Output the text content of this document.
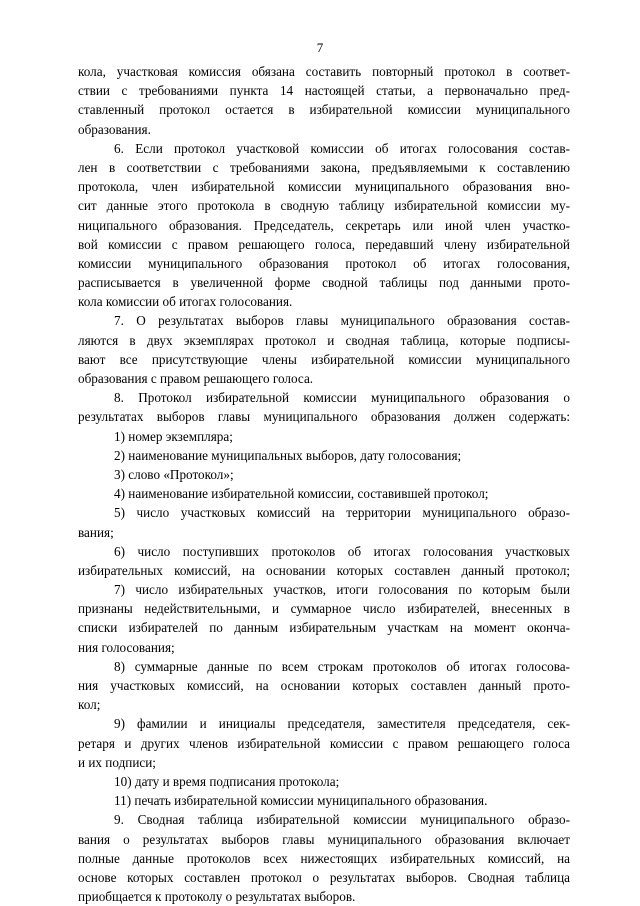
7
кола, участковая комиссия обязана составить повторный протокол в соответ-
ствии с требованиями пункта 14 настоящей статьи, а первоначально пред-
ставленный протокол остается в избирательной комиссии муниципального
образования.
6. Если протокол участковой комиссии об итогах голосования состав-
лен в соответствии с требованиями закона, предъявляемыми к составлению
протокола, член избирательной комиссии муниципального образования вно-
сит данные этого протокола в сводную таблицу избирательной комиссии му-
ниципального образования. Председатель, секретарь или иной член участко-
вой комиссии с правом решающего голоса, передавший члену избирательной
комиссии муниципального образования протокол об итогах голосования,
расписывается в увеличенной форме сводной таблицы под данными прото-
кола комиссии об итогах голосования.
7. О результатах выборов главы муниципального образования состав-
ляются в двух экземплярах протокол и сводная таблица, которые подписы-
вают все присутствующие члены избирательной комиссии муниципального
образования с правом решающего голоса.
8. Протокол избирательной комиссии муниципального образования о
результатах выборов главы муниципального образования должен содержать:
1) номер экземпляра;
2) наименование муниципальных выборов, дату голосования;
3) слово «Протокол»;
4) наименование избирательной комиссии, составившей протокол;
5) число участковых комиссий на территории муниципального образо-
вания;
6) число поступивших протоколов об итогах голосования участковых
избирательных комиссий, на основании которых составлен данный протокол;
7) число избирательных участков, итоги голосования по которым были
признаны недействительными, и суммарное число избирателей, внесенных в
списки избирателей по данным избирательным участкам на момент оконча-
ния голосования;
8) суммарные данные по всем строкам протоколов об итогах голосова-
ния участковых комиссий, на основании которых составлен данный прото-
кол;
9) фамилии и инициалы председателя, заместителя председателя, сек-
ретаря и других членов избирательной комиссии с правом решающего голоса
и их подписи;
10) дату и время подписания протокола;
11) печать избирательной комиссии муниципального образования.
9. Сводная таблица избирательной комиссии муниципального образо-
вания о результатах выборов главы муниципального образования включает
полные данные протоколов всех нижестоящих избирательных комиссий, на
основе которых составлен протокол о результатах выборов. Сводная таблица
приобщается к протоколу о результатах выборов.
